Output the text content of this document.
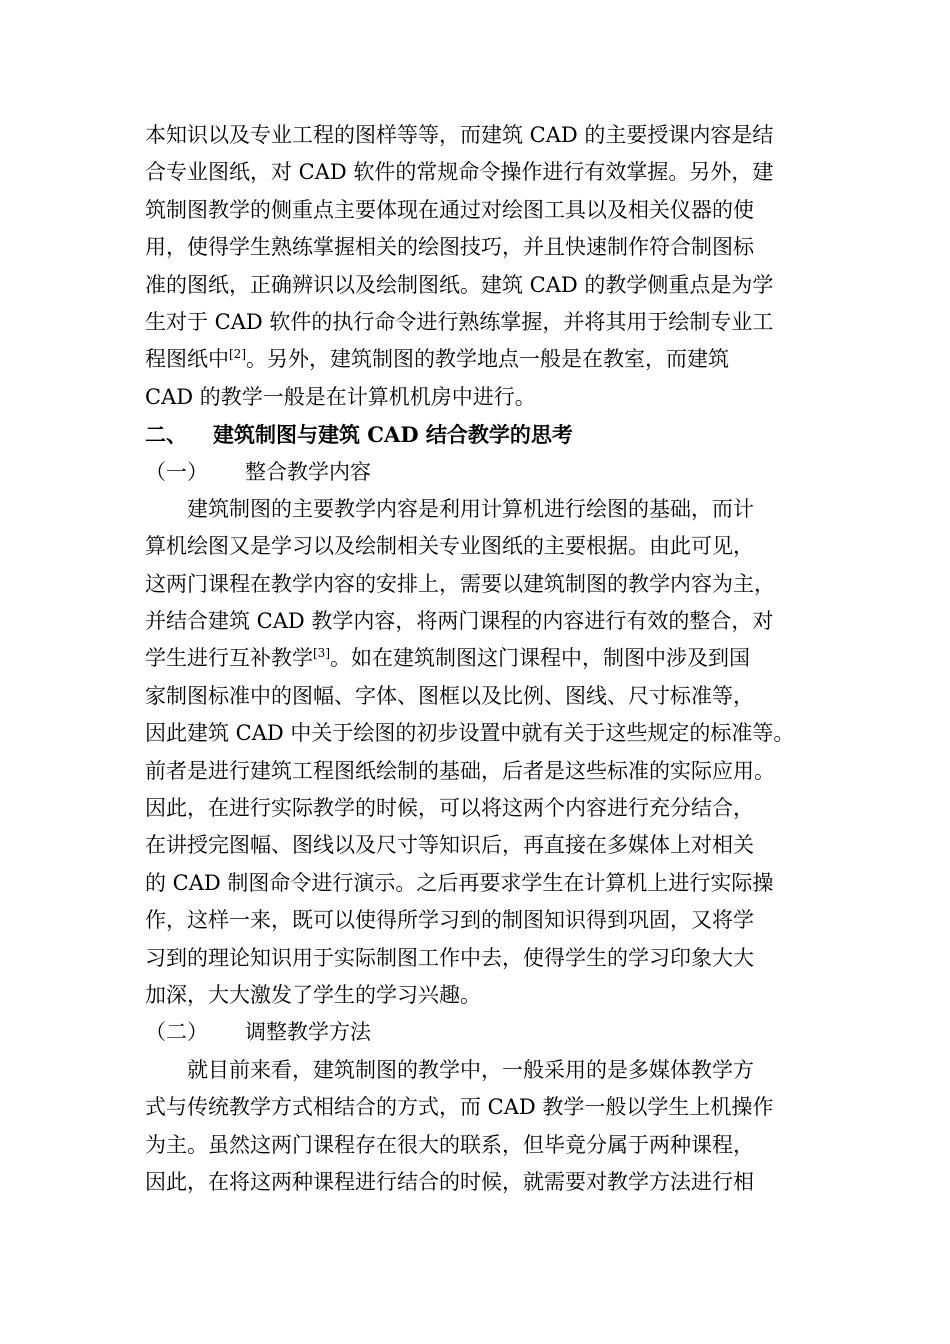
本知识以及专业工程的图样等等，而建筑 CAD 的主要授课内容是结
合专业图纸，对 CAD 软件的常规命令操作进行有效掌握。另外，建
筑制图教学的侧重点主要体现在通过对绘图工具以及相关仪器的使
用，使得学生熟练掌握相关的绘图技巧，并且快速制作符合制图标
准的图纸，正确辨识以及绘制图纸。建筑 CAD 的教学侧重点是为学
生对于 CAD 软件的执行命令进行熟练掌握，并将其用于绘制专业工
程图纸中[2]。另外，建筑制图的教学地点一般是在教室，而建筑
CAD 的教学一般是在计算机机房中进行。
二、 建筑制图与建筑 CAD 结合教学的思考
（一） 整合教学内容
建筑制图的主要教学内容是利用计算机进行绘图的基础，而计
算机绘图又是学习以及绘制相关专业图纸的主要根据。由此可见，
这两门课程在教学内容的安排上，需要以建筑制图的教学内容为主，
并结合建筑 CAD 教学内容，将两门课程的内容进行有效的整合，对
学生进行互补教学[3]。如在建筑制图这门课程中，制图中涉及到国
家制图标准中的图幅、字体、图框以及比例、图线、尺寸标准等，
因此建筑 CAD 中关于绘图的初步设置中就有关于这些规定的标准等。
前者是进行建筑工程图纸绘制的基础，后者是这些标准的实际应用。
因此，在进行实际教学的时候，可以将这两个内容进行充分结合，
在讲授完图幅、图线以及尺寸等知识后，再直接在多媒体上对相关
的 CAD 制图命令进行演示。之后再要求学生在计算机上进行实际操
作，这样一来，既可以使得所学习到的制图知识得到巩固，又将学
习到的理论知识用于实际制图工作中去，使得学生的学习印象大大
加深，大大激发了学生的学习兴趣。
（二） 调整教学方法
就目前来看，建筑制图的教学中，一般采用的是多媒体教学方
式与传统教学方式相结合的方式，而 CAD 教学一般以学生上机操作
为主。虽然这两门课程存在很大的联系，但毕竟分属于两种课程，
因此，在将这两种课程进行结合的时候，就需要对教学方法进行相
